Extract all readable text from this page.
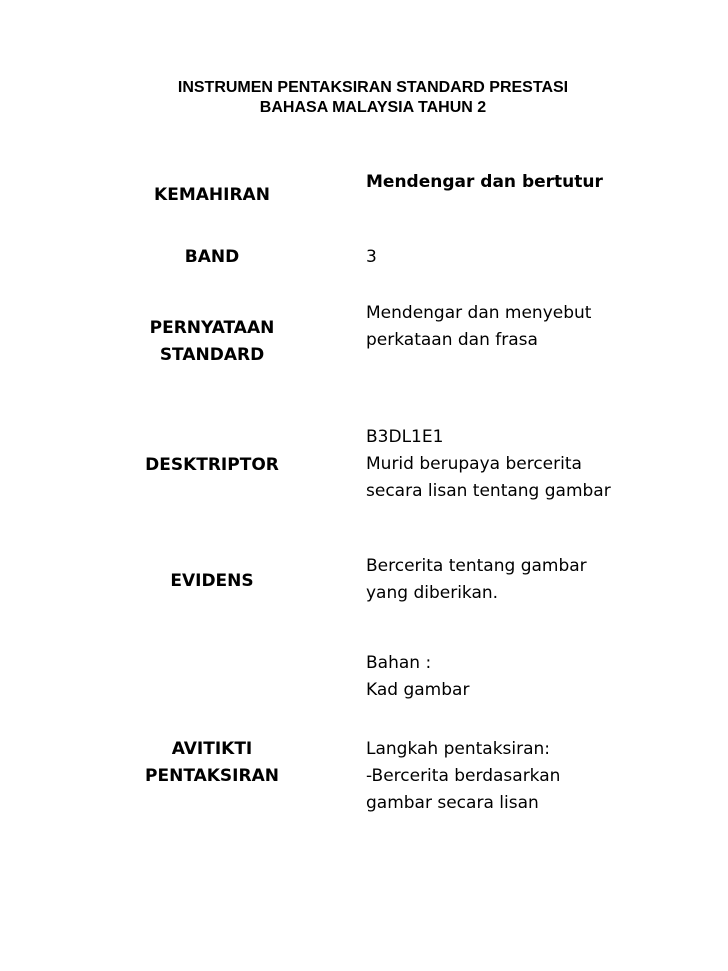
INSTRUMEN PENTAKSIRAN STANDARD PRESTASI
BAHASA MALAYSIA TAHUN 2
KEMAHIRAN
Mendengar dan bertutur
BAND	3
PERNYATAAN
STANDARD
Mendengar dan menyebut
perkataan dan frasa
DESKTRIPTOR
B3DL1E1
Murid berupaya bercerita
secara lisan tentang gambar
EVIDENS
Bercerita tentang gambar
yang diberikan.
AVITIKTI
PENTAKSIRAN
Bahan :
Kad gambar
Langkah pentaksiran:
-Bercerita berdasarkan
gambar secara lisan
